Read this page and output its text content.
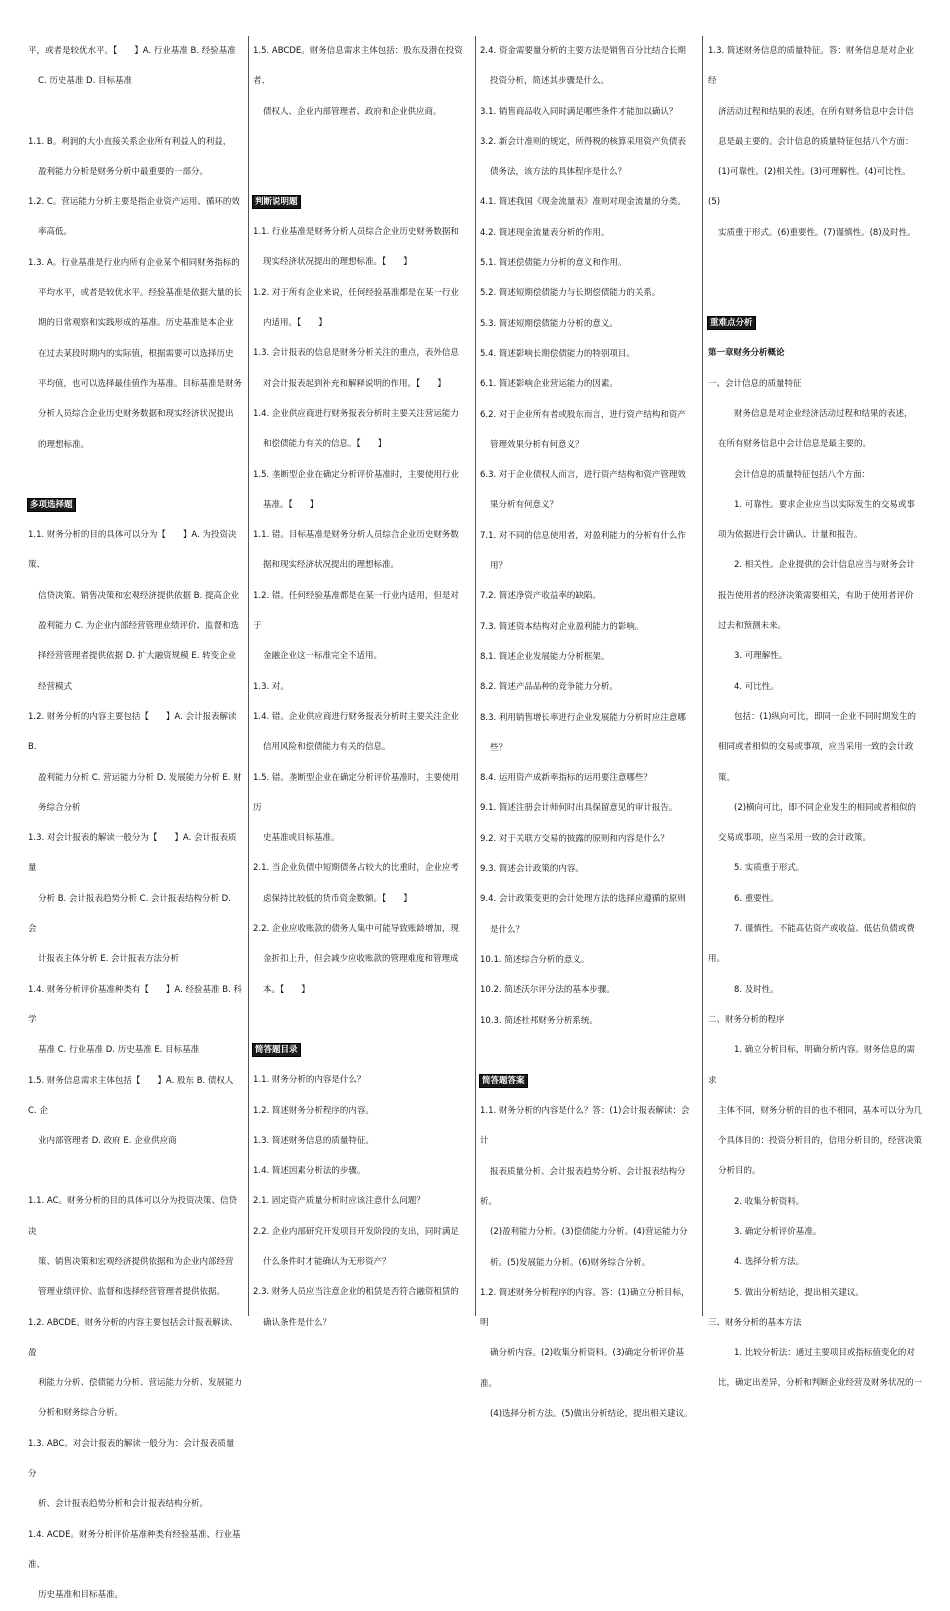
平，或者是较优水平。【　　】A. 行业基准 B. 经验基准

C. 历史基准 D. 目标基准

1.1. B。利润的大小直接关系企业所有利益人的利益，

盈利能力分析是财务分析中最重要的一部分。

1.2. C。营运能力分析主要是指企业资产运用、循环的效

率高低。

1.3. A。行业基准是行业内所有企业某个相同财务指标的

平均水平，或者是较优水平。经验基准是依据大量的长

期的日常观察和实践形成的基准。历史基准是本企业

在过去某段时期内的实际值，根据需要可以选择历史

平均值，也可以选择最佳值作为基准。目标基准是财务

分析人员综合企业历史财务数据和现实经济状况提出

的理想标准。

多项选择题

1.1. 财务分析的目的具体可以分为【　　】A. 为投资决策、

信贷决策、销售决策和宏观经济提供依据 B. 提高企业

盈利能力 C. 为企业内部经营管理业绩评价、监督和选

择经营管理者提供依据 D. 扩大融资规模 E. 转变企业

经营模式

1.2. 财务分析的内容主要包括【　　】A. 会计报表解读 B.

盈利能力分析 C. 营运能力分析 D. 发展能力分析 E. 财

务综合分析

1.3. 对会计报表的解读一般分为【　　】A. 会计报表质量

分析 B. 会计报表趋势分析 C. 会计报表结构分析 D. 会

计报表主体分析 E. 会计报表方法分析

1.4. 财务分析评价基准种类有【　　】A. 经验基准 B. 科学

基准 C. 行业基准 D. 历史基准 E. 目标基准

1.5. 财务信息需求主体包括【　　】A. 股东 B. 债权人 C. 企

业内部管理者 D. 政府 E. 企业供应商

1.1. AC。财务分析的目的具体可以分为投资决策、信贷决

策、销售决策和宏观经济提供依据和为企业内部经营

管理业绩评价、监督和选择经营管理者提供依据。

1.2. ABCDE。财务分析的内容主要包括会计报表解读、盈

利能力分析、偿债能力分析、营运能力分析、发展能力

分析和财务综合分析。

1.3. ABC。对会计报表的解读一般分为：会计报表质量分

析、会计报表趋势分析和会计报表结构分析。

1.4. ACDE。财务分析评价基准种类有经验基准、行业基准、

历史基准和目标基准。

1.5. ABCDE。财务信息需求主体包括：股东及潜在投资者、

债权人、企业内部管理者、政府和企业供应商。

判断说明题

1.1. 行业基准是财务分析人员综合企业历史财务数据和

现实经济状况提出的理想标准。【　　】

1.2. 对于所有企业来说，任何经验基准都是在某一行业

内适用。【　　】

1.3. 会计报表的信息是财务分析关注的重点，表外信息

对会计报表起到补充和解释说明的作用。【　　】

1.4. 企业供应商进行财务报表分析时主要关注营运能力

和偿债能力有关的信息。【　　】

1.5. 垄断型企业在确定分析评价基准时，主要使用行业

基准。【　　】

1.1. 错。目标基准是财务分析人员综合企业历史财务数

据和现实经济状况提出的理想标准。

1.2. 错。任何经验基准都是在某一行业内适用，但是对于

金融企业这一标准完全不适用。

1.3. 对。

1.4. 错。企业供应商进行财务报表分析时主要关注企业

信用风险和偿债能力有关的信息。

1.5. 错。垄断型企业在确定分析评价基准时，主要使用历

史基准或目标基准。

2.1. 当企业负债中短期债务占较大的比重时，企业应考

虑保持比较低的货币资金数额。【　　】

2.2. 企业应收账款的债务人集中可能导致账龄增加，现

金折扣上升，但会减少应收账款的管理难度和管理成

本。【　　】

简答题目录

1.1. 财务分析的内容是什么？

1.2. 简述财务分析程序的内容。

1.3. 简述财务信息的质量特征。

1.4. 简述因素分析法的步骤。

2.1. 固定资产质量分析时应该注意什么问题？

2.2. 企业内部研究开发项目开发阶段的支出，同时满足

什么条件时才能确认为无形资产？

2.3. 财务人员应当注意企业的租赁是否符合融资租赁的

确认条件是什么？

2.4. 资金需要量分析的主要方法是销售百分比结合长期

投资分析，简述其步骤是什么。

3.1. 销售商品收入同时满足哪些条件才能加以确认？

3.2. 新会计准则的规定，所得税的核算采用资产负债表

债务法，该方法的具体程序是什么？

4.1. 简述我国《现金流量表》准则对现金流量的分类。

4.2. 简述现金流量表分析的作用。

5.1. 简述偿债能力分析的意义和作用。

5.2. 简述短期偿债能力与长期偿债能力的关系。

5.3. 简述短期偿债能力分析的意义。

5.4. 简述影响长期偿债能力的特别项目。

6.1. 简述影响企业营运能力的因素。

6.2. 对于企业所有者或股东而言，进行资产结构和资产

管理效果分析有何意义？

6.3. 对于企业债权人而言，进行资产结构和资产管理效

果分析有何意义？

7.1. 对不同的信息使用者，对盈利能力的分析有什么作

用？

7.2. 简述净资产收益率的缺陷。

7.3. 简述资本结构对企业盈利能力的影响。

8.1. 简述企业发展能力分析框架。

8.2. 简述产品品种的竞争能力分析。

8.3. 利用销售增长率进行企业发展能力分析时应注意哪

些？

8.4. 运用资产成新率指标的运用要注意哪些？

9.1. 简述注册会计师何时出具保留意见的审计报告。

9.2. 对于关联方交易的披露的原则和内容是什么？

9.3. 简述会计政策的内容。

9.4. 会计政策变更的会计处理方法的选择应遵循的原则

是什么？

10.1. 简述综合分析的意义。

10.2. 简述沃尔评分法的基本步骤。

10.3. 简述杜邦财务分析系统。

简答题答案

1.1. 财务分析的内容是什么？答：(1)会计报表解读：会计

报表质量分析、会计报表趋势分析、会计报表结构分析。

(2)盈利能力分析。(3)偿债能力分析。(4)营运能力分

析。(5)发展能力分析。(6)财务综合分析。

1.2. 简述财务分析程序的内容。答：(1)确立分析目标，明

确分析内容。(2)收集分析资料。(3)确定分析评价基准。

(4)选择分析方法。(5)做出分析结论，提出相关建议。

1.3. 简述财务信息的质量特征。答：财务信息是对企业经

济活动过程和结果的表述，在所有财务信息中会计信

息是最主要的。会计信息的质量特征包括八个方面：

(1)可靠性。(2)相关性。(3)可理解性。(4)可比性。(5)

实质重于形式。(6)重要性。(7)谨慎性。(8)及时性。

重难点分析

第一章财务分析概论

一、会计信息的质量特征

财务信息是对企业经济活动过程和结果的表述，

在所有财务信息中会计信息是最主要的。

会计信息的质量特征包括八个方面：

1. 可靠性。要求企业应当以实际发生的交易或事

项为依据进行会计确认、计量和报告。

2. 相关性。企业提供的会计信息应当与财务会计

报告使用者的经济决策需要相关，有助于使用者评价

过去和预测未来。

3. 可理解性。

4. 可比性。

包括：(1)纵向可比，即同一企业不同时期发生的

相同或者相似的交易或事项，应当采用一致的会计政

策。

(2)横向可比，即不同企业发生的相同或者相似的

交易或事项，应当采用一致的会计政策。

5. 实质重于形式。

6. 重要性。

7. 谨慎性。不能高估资产或收益、低估负债或费用。

8. 及时性。

二、财务分析的程序

1. 确立分析目标，明确分析内容。财务信息的需求

主体不同，财务分析的目的也不相同，基本可以分为几

个具体目的：投资分析目的，信用分析目的，经营决策

分析目的。

2. 收集分析资料。

3. 确定分析评价基准。

4. 选择分析方法。

5. 做出分析结论，提出相关建议。

三、财务分析的基本方法

1. 比较分析法：通过主要项目或指标值变化的对

比，确定出差异，分析和判断企业经营及财务状况的一
